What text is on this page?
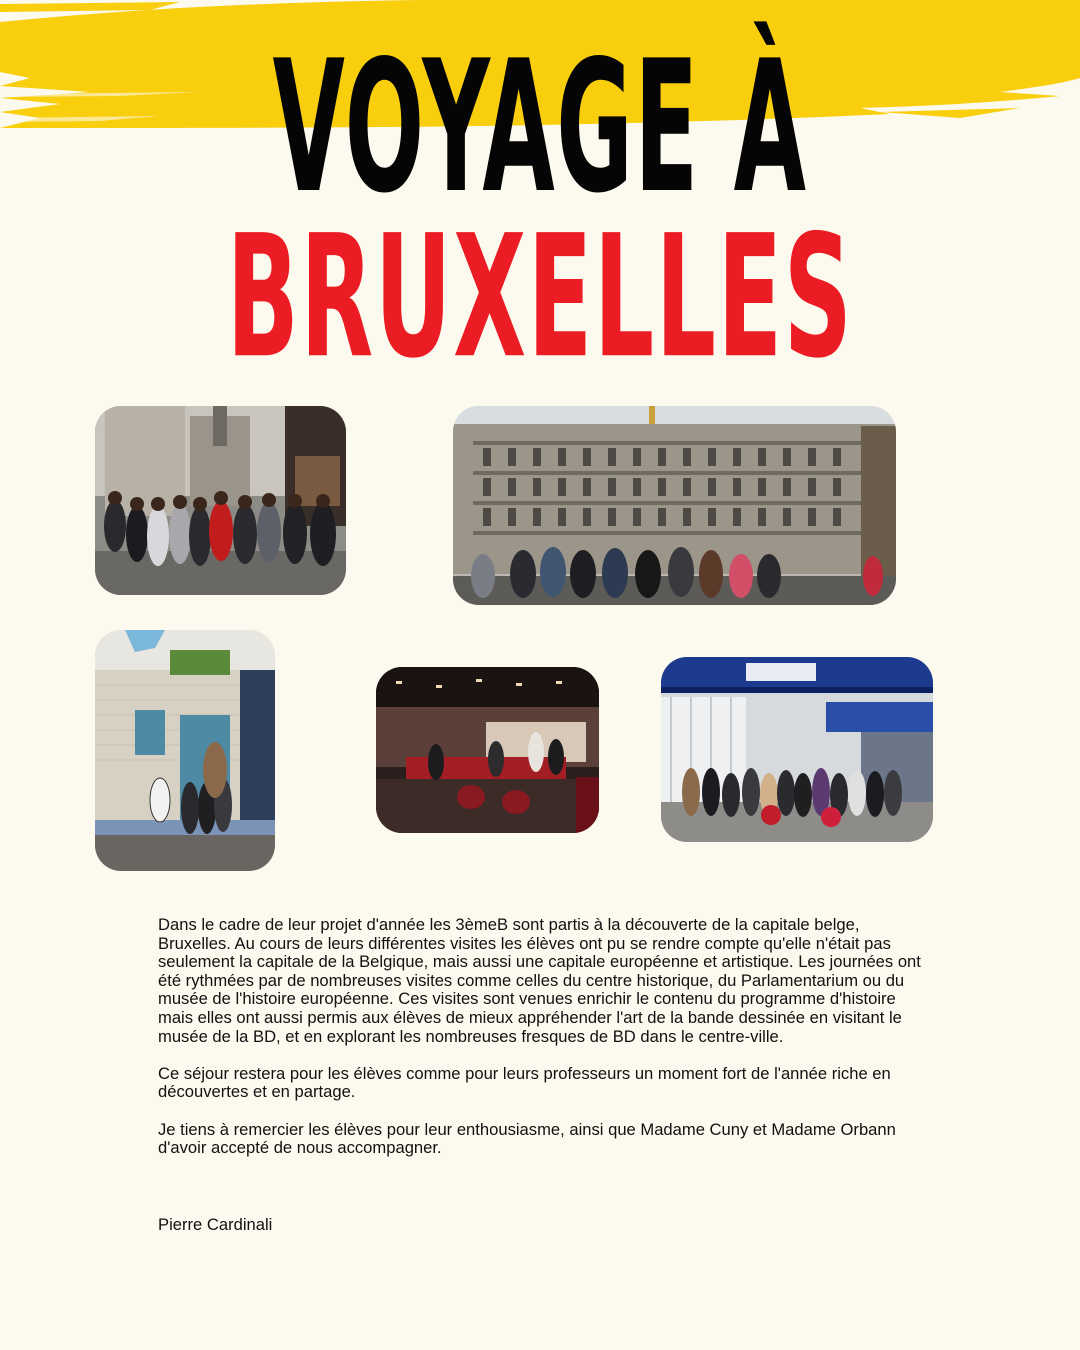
VOYAGE À
BRUXELLES

Dans le cadre de leur projet d'année les 3èmeB sont partis à la découverte de la capitale belge, Bruxelles. Au cours de leurs différentes visites les élèves ont pu se rendre compte qu'elle n'était pas seulement la capitale de la Belgique, mais aussi une capitale européenne et artistique. Les journées ont été rythmées par de nombreuses visites comme celles du centre historique, du Parlamentarium ou du musée de l'histoire européenne. Ces visites sont venues enrichir le contenu du programme d'histoire mais elles ont aussi permis aux élèves de mieux appréhender l'art de la bande dessinée en visitant le musée de la BD, et en explorant les nombreuses fresques de BD dans le centre-ville.

Ce séjour restera pour les élèves comme pour leurs professeurs un moment fort de l'année riche en découvertes et en partage.

Je tiens à remercier les élèves pour leur enthousiasme, ainsi que Madame Cuny et Madame Orbann d'avoir accepté de nous accompagner.

Pierre Cardinali
